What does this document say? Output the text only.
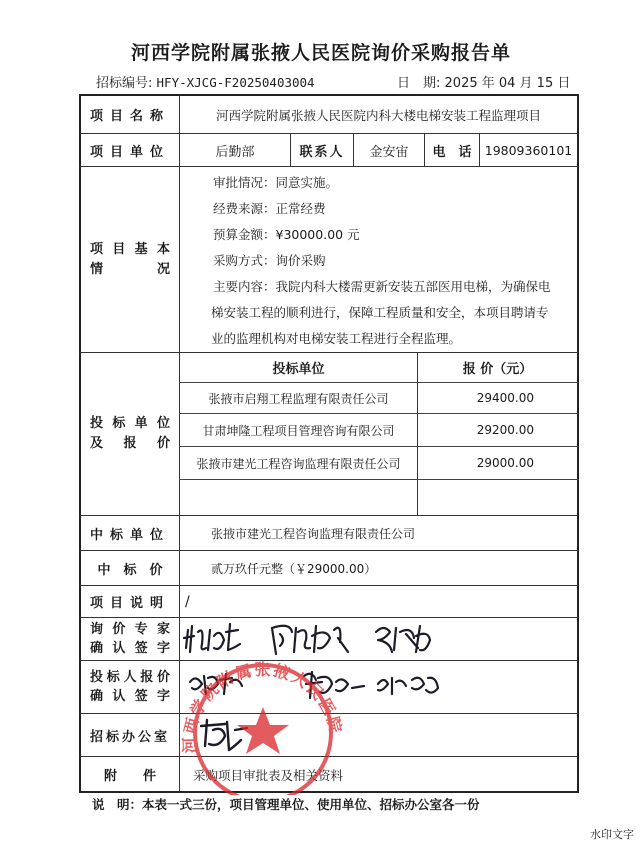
河西学院附属张掖人民医院询价采购报告单
招标编号: HFY-XJCG-F20250403004	日　期: 2025 年 04 月 15 日
项目名称	河西学院附属张掖人民医院内科大楼电梯安装工程监理项目
项目单位	后勤部	联系人	金安宙	电　话	19809360101
项 目 基 本
情　　　况
审批情况：同意实施。
经费来源：正常经费
预算金额：¥30000.00 元
采购方式：询价采购
主要内容：我院内科大楼需更新安装五部医用电梯，为确保电
梯安装工程的顺利进行，保障工程质量和安全，本项目聘请专
业的监理机构对电梯安装工程进行全程监理。
投 标 单 位
及　报　价
投标单位	报 价（元）
张掖市启翔工程监理有限责任公司	29400.00
甘肃坤隆工程项目管理咨询有限公司	29200.00
张掖市建光工程咨询监理有限责任公司	29000.00
中标单位	张掖市建光工程咨询监理有限责任公司
中　标　价	贰万玖仟元整（￥29000.00）
项目说明	/
询 价 专 家
确 认 签 字
投标人报价
确 认 签 字
招标办公室
附　　件	采购项目审批表及相关资料
河西学院附属张掖人民医院
说　明：本表一式三份，项目管理单位、使用单位、招标办公室各一份
水印文字
